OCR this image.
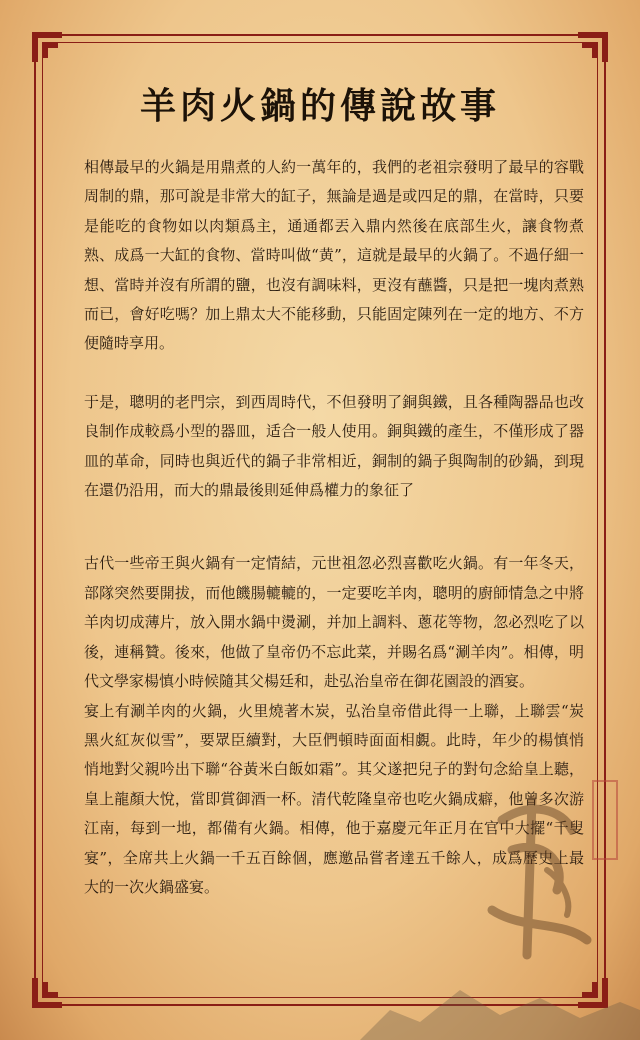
羊肉火鍋的傳說故事

相傳最早的火鍋是用鼎煮的人約一萬年的，我們的老祖宗發明了最早的容戰周制的鼎，那可說是非常大的缸子，無論是過是或四足的鼎，在當時，只要是能吃的食物如以肉類爲主，通通都丟入鼎内然後在底部生火，讓食物煮熟、成爲一大缸的食物、當時叫做“黄”，這就是最早的火鍋了。不過仔細一想、當時并沒有所謂的鹽，也沒有調味料，更沒有蘸醬，只是把一塊肉煮熟而已，會好吃嗎？加上鼎太大不能移動，只能固定陳列在一定的地方、不方便隨時享用。

于是，聰明的老門宗，到西周時代，不但發明了銅與鐵，且各種陶器品也改良制作成較爲小型的器皿，适合一般人使用。銅與鐵的產生，不僅形成了器皿的革命，同時也與近代的鍋子非常相近，銅制的鍋子與陶制的砂鍋，到現在還仍沿用，而大的鼎最後則延伸爲權力的象征了

古代一些帝王與火鍋有一定情結，元世祖忽必烈喜歡吃火鍋。有一年冬天，部隊突然要開拔，而他饑腸轆轆的，一定要吃羊肉，聰明的廚師情急之中將羊肉切成薄片，放入開水鍋中燙涮，并加上調料、蔥花等物，忽必烈吃了以後，連稱贊。後來，他做了皇帝仍不忘此菜，并賜名爲“涮羊肉”。相傳，明代文學家楊慎小時候隨其父楊廷和，赴弘治皇帝在御花園設的酒宴。

宴上有涮羊肉的火鍋，火里燒著木炭，弘治皇帝借此得一上聯，上聯雲“炭黑火紅灰似雪”，要眾臣續對，大臣們頓時面面相覷。此時，年少的楊慎悄悄地對父親吟出下聯“谷黃米白飯如霜”。其父遂把兒子的對句念給皇上聽，皇上龍顏大悅，當即賞御酒一杯。清代乾隆皇帝也吃火鍋成癖，他曾多次游江南，每到一地，都備有火鍋。相傳，他于嘉慶元年正月在官中大擺“千叟宴”，全席共上火鍋一千五百餘個，應邀品嘗者達五千餘人，成爲歷史上最大的一次火鍋盛宴。
